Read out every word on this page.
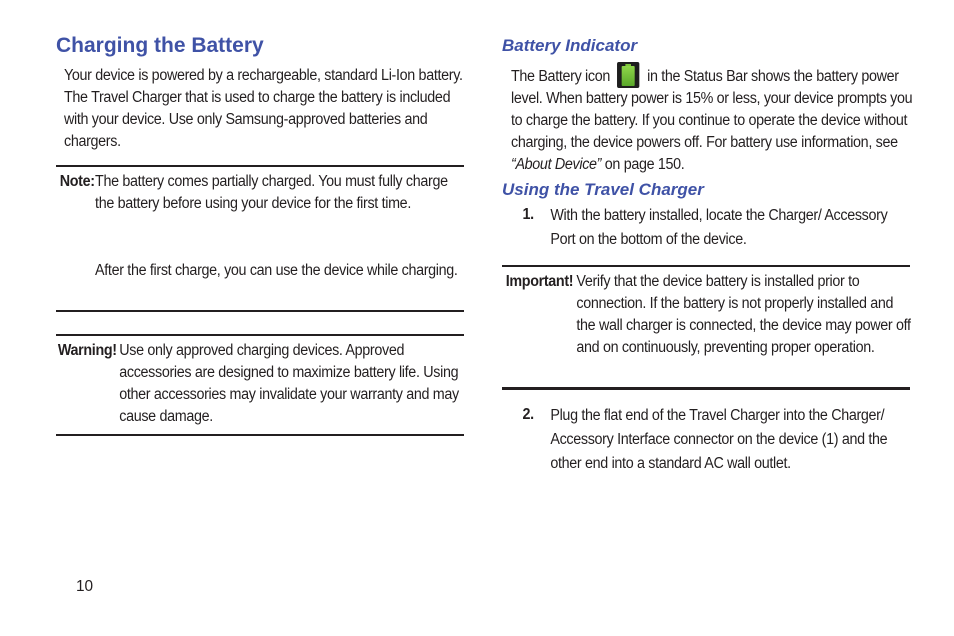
Charging the Battery

Your device is powered by a rechargeable, standard Li-Ion battery. The Travel Charger that is used to charge the battery is included with your device. Use only Samsung-approved batteries and chargers.

Note: The battery comes partially charged. You must fully charge the battery before using your device for the first time.

After the first charge, you can use the device while charging.

Warning! Use only approved charging devices. Approved accessories are designed to maximize battery life. Using other accessories may invalidate your warranty and may cause damage.

Battery Indicator

The Battery icon in the Status Bar shows the battery power level. When battery power is 15% or less, your device prompts you to charge the battery. If you continue to operate the device without charging, the device powers off. For battery use information, see “About Device” on page 150.

Using the Travel Charger
1. With the battery installed, locate the Charger/ Accessory Port on the bottom of the device.

Important! Verify that the device battery is installed prior to connection. If the battery is not properly installed and the wall charger is connected, the device may power off and on continuously, preventing proper operation.

2. Plug the flat end of the Travel Charger into the Charger/ Accessory Interface connector on the device (1) and the other end into a standard AC wall outlet.

10
